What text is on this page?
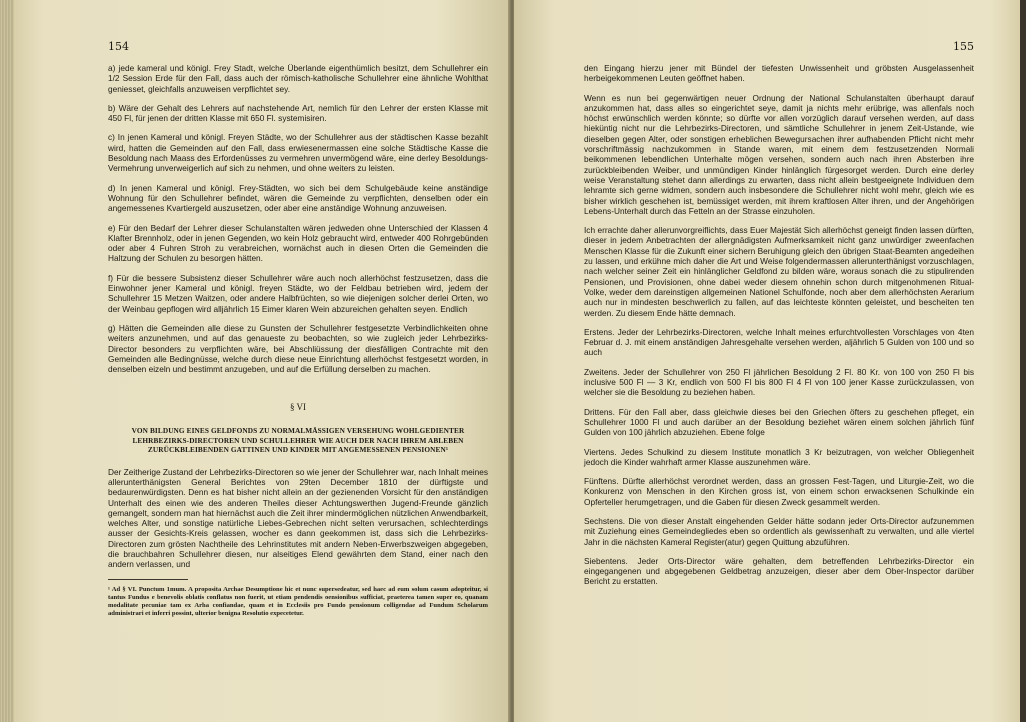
154

a) jede kameral und königl. Frey Stadt, welche Überlande eigenthümlich besitzt, dem Schullehrer ein 1/2 Session Erde für den Fall, dass auch der römisch-katholische Schullehrer eine ähnliche Wohlthat geniesset, gleichfalls anzuweisen verpflichtet sey.

b) Wäre der Gehalt des Lehrers auf nachstehende Art, nemlich für den Lehrer der ersten Klasse mit 450 Fl, für jenen der dritten Klasse mit 650 Fl. systemisiren.

c) In jenen Kameral und königl. Freyen Städte, wo der Schullehrer aus der städtischen Kasse bezahlt wird, hatten die Gemeinden auf den Fall, dass erwiesenermassen eine solche Städtische Kasse die Besoldung nach Maass des Erfordenüsses zu vermehren unvermögend wäre, eine derley Besoldungs-Vermehrung unverweigerlich auf sich zu nehmen, und ohne weiters zu leisten.

d) In jenen Kameral und königl. Frey-Städten, wo sich bei dem Schulgebäude keine anständige Wohnung für den Schullehrer befindet, wären die Gemeinde zu verpflichten, denselben oder ein angemessenes Kvartiergeld auszusetzen, oder aber eine anständige Wohnung anzuweisen.

e) Für den Bedarf der Lehrer dieser Schulanstalten wären jedweden ohne Unterschied der Klassen 4 Klafter Brennholz, oder in jenen Gegenden, wo kein Holz gebraucht wird, entweder 400 Rohrgebünden oder aber 4 Fuhren Stroh zu verabreichen, wornächst auch in diesen Orten die Gemeinden die Haltzung der Schulen zu besorgen hätten.

f) Für die bessere Subsistenz dieser Schullehrer wäre auch noch allerhöchst festzusetzen, dass die Einwohner jener Kameral und königl. freyen Städte, wo der Feldbau betrieben wird, jedem der Schullehrer 15 Metzen Waitzen, oder andere Halbfrüchten, so wie diejenigen solcher derlei Orten, wo der Weinbau gepflogen wird alljährlich 15 Eimer klaren Wein abzureichen gehalten seyen. Endlich

g) Hätten die Gemeinden alle diese zu Gunsten der Schullehrer festgesetzte Verbindlichkeiten ohne weiters anzunehmen, und auf das genaueste zu beobachten, so wie zugleich jeder Lehrbezirks-Director besonders zu verpflichten wäre, bei Abschliüssung der diesfälligen Contrachte mit den Gemeinden alle Bedingnüsse, welche durch diese neue Einrichtung allerhöchst festgesetzt worden, in denselben eizeln und bestimmt anzugeben, und auf die Erfüllung derselben zu machen.

§ VI
VON BILDUNG EINES GELDFONDS ZU NORMALMÄSSIGEN VERSEHUNG WOHLGEDIENTER LEHRBEZIRKS-DIRECTOREN UND SCHULLEHRER WIE AUCH DER NACH IHREM ABLEBEN ZURÜCKBLEIBENDEN GATTINEN UND KINDER MIT ANGEMESSENEN PENSIONEN¹

Der Zeitherige Zustand der Lehrbezirks-Directoren so wie jener der Schullehrer war, nach Inhalt meines allerunterthänigsten General Berichtes von 29ten December 1810 der dürftigste und bedaurenwürdigsten. Denn es hat bisher nicht allein an der gezienenden Vorsicht für den anständigen Unterhalt des einen wie des anderen Theiles dieser Achtungswerthen Jugend-Freunde gänzlich gemangelt, sondern man hat hiernächst auch die Zeit ihrer mindermöglichen nützlichen Anwendbarkeit, welches Alter, und sonstige natürliche Liebes-Gebrechen nicht selten verursachen, schlechterdings ausser der Gesichts-Kreis gelassen, wocher es dann geekommen ist, dass sich die Lehrbezirks-Directoren zum grösten Nachtheile des Lehrinstitutes mit andern Neben-Erwerbszweigen abgegeben, die brauchbahren Schullehrer diesen, nur alseitiges Elend gewährten dem Stand, einer nach den andern verlassen, und

¹ Ad § VI. Punctum 1mum. A proposita Archae Desumptione hic et nunc supersedeatur, sed haec ad eum solum casum adopteitur, si tantus Fundus e benevolis oblatis conflatus non fuerit, ut etiam pendendis oensionibus sufficiat, praeterea tamen super eo, quanam modalitate pecuniae tam ex Arha confiandae, quam et in Ecclesiis pro Fundo pensionum colligendae ad Fundum Scholarum administrari et inferri possint, ulterior benigna Resolutio expecetetur.

155

den Eingang hierzu jener mit Bündel der tiefesten Unwissenheit und gröbsten Ausgelassenheit herbeigekommenen Leuten geöffnet haben.

Wenn es nun bei gegenwärtigen neuer Ordnung der National Schulanstalten überhaupt darauf anzukommen hat, dass alles so eingerichtet seye, damit ja nichts mehr erübrige, was allenfals noch höchst erwünschlich werden könnte; so dürfte vor allen vorzüglich darauf versehen werden, auf dass hieküntig nicht nur die Lehrbezirks-Directoren, und sämtliche Schullehrer in jenem Zeit-Ustande, wie dieselben gegen Alter, oder sonstigen erheblichen Bewegursachen ihrer aufhabenden Pflicht nicht mehr vorschriftmässig nachzukommen in Stande waren, mit einem dem festzusetzenden Normali beikommenen lebendlichen Unterhalte mögen versehen, sondern auch nach ihren Absterben ihre zurückbleibenden Weiber, und unmündigen Kinder hinlänglich fürgesorget werden. Durch eine derley weise Veranstaltung stehet dann allerdings zu erwarten, dass nicht allein bestgeeignete Individuen dem lehramte sich gerne widmen, sondern auch insbesondere die Schullehrer nicht wohl mehr, gleich wie es bisher wirklich geschehen ist, bemüssiget werden, mit ihrem kraftlosen Alter ihren, und der Angehörigen Lebens-Unterhalt durch das Fetteln an der Strasse einzuholen.

Ich errachte daher allerunvorgreiflichts, dass Euer Majestät Sich allerhöchst geneigt finden lassen dürften, dieser in jedem Anbetrachten der allergnädigsten Aufmerksamkeit nicht ganz unwürdiger zweenfachen Menschen Klasse für die Zukunft einer sichern Beruhigung gleich den übrigen Staat-Beamten angedeihen zu lassen, und erkühne mich daher die Art und Weise folgendermassen allerunterthänigst vorzuschlagen, nach welcher seiner Zeit ein hinlänglicher Geldfond zu bilden wäre, woraus sonach die zu stipulirenden Pensionen, und Provisionen, ohne dabei weder diesem ohnehin schon durch mitgenohmenen Ritual-Volke, weder dem dareinstigen allgemeinen Nationel Schulfonde, noch aber dem allerhöchsten Aerarium auch nur in mindesten beschwerlich zu fallen, auf das leichteste könnten geleistet, und bescheiten ten werden. Zu diesem Ende hätte demnach.

Erstens. Jeder der Lehrbezirks-Directoren, welche Inhalt meines erfurchtvollesten Vorschlages von 4ten Februar d. J. mit einem anständigen Jahresgehalte versehen werden, aljährlich 5 Gulden von 100 und so auch

Zweitens. Jeder der Schullehrer von 250 Fl jährlichen Besoldung 2 Fl. 80 Kr. von 100 von 250 Fl bis inclusive 500 Fl — 3 Kr, endlich von 500 Fl bis 800 Fl 4 Fl von 100 jener Kasse zurückzulassen, von welcher sie die Besoldung zu beziehen haben.

Drittens. Für den Fall aber, dass gleichwie dieses bei den Griechen öfters zu geschehen pfleget, ein Schullehrer 1000 Fl und auch darüber an der Besoldung beziehet wären einem solchen jährlich fünf Gulden von 100 jährlich abzuziehen. Ebene folge

Viertens. Jedes Schulkind zu diesem Institute monatlich 3 Kr beizutragen, von welcher Obliegenheit jedoch die Kinder wahrhaft armer Klasse auszunehmen wäre.

Fünftens. Dürfte allerhöchst verordnet werden, dass an grossen Fest-Tagen, und Liturgie-Zeit, wo die Konkurenz von Menschen in den Kirchen gross ist, von einem schon erwacksenen Schulkinde ein Opferteller herumgetragen, und die Gaben für diesen Zweck gesammelt werden.

Sechstens. Die von dieser Anstalt eingehenden Gelder hätte sodann jeder Orts-Director aufzunemmen mit Zuziehung eines Gemeindegliedes eben so ordentlich als gewissenhaft zu verwalten, und alle viertel Jahr in die nächsten Kameral Register(atur) gegen Quittung abzuführen.

Siebentens. Jeder Orts-Director wäre gehalten, dem betreffenden Lehrbezirks-Director ein eingegangenen und abgegebenen Geldbetrag anzuzeigen, dieser aber dem Ober-Inspector darüber Bericht zu erstatten.
